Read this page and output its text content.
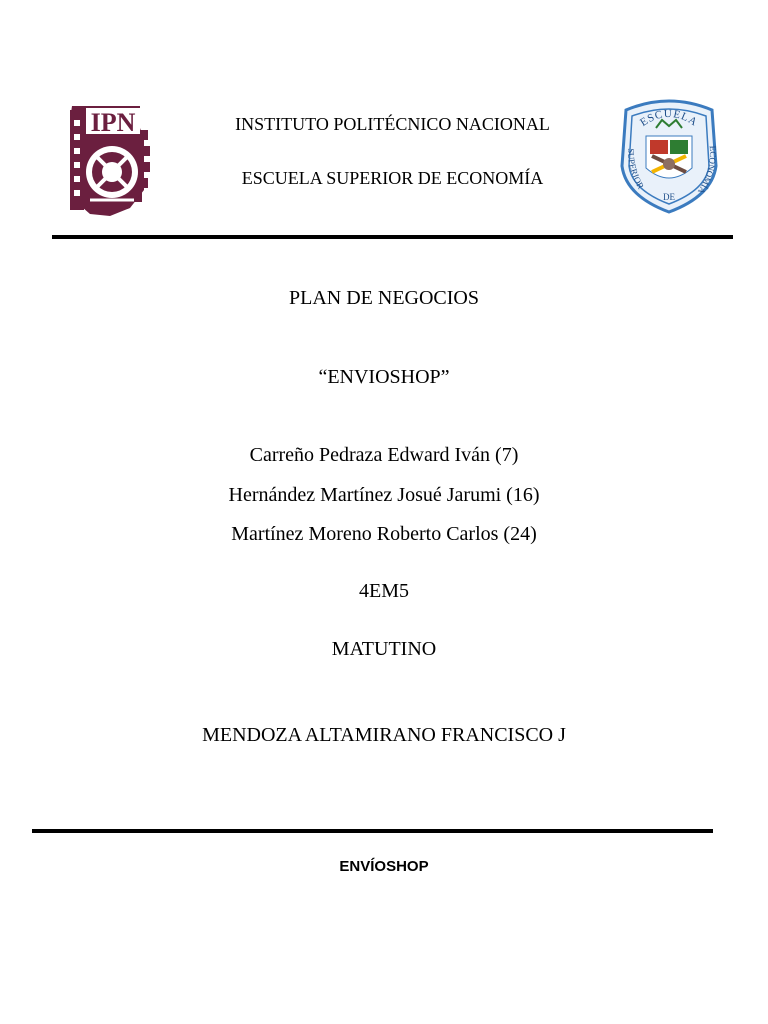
IPN	INSTITUTO POLITÉCNICO NACIONAL
ESCUELA SUPERIOR DE ECONOMÍA
ESCUELA
SUPERIOR
ECONOMÍA
DE
PLAN DE NEGOCIOS
“ENVIOSHOP”
Carreño Pedraza Edward Iván (7)
Hernández Martínez Josué Jarumi (16)
Martínez Moreno Roberto Carlos (24)
4EM5
MATUTINO
MENDOZA ALTAMIRANO FRANCISCO J
ENVÍOSHOP
